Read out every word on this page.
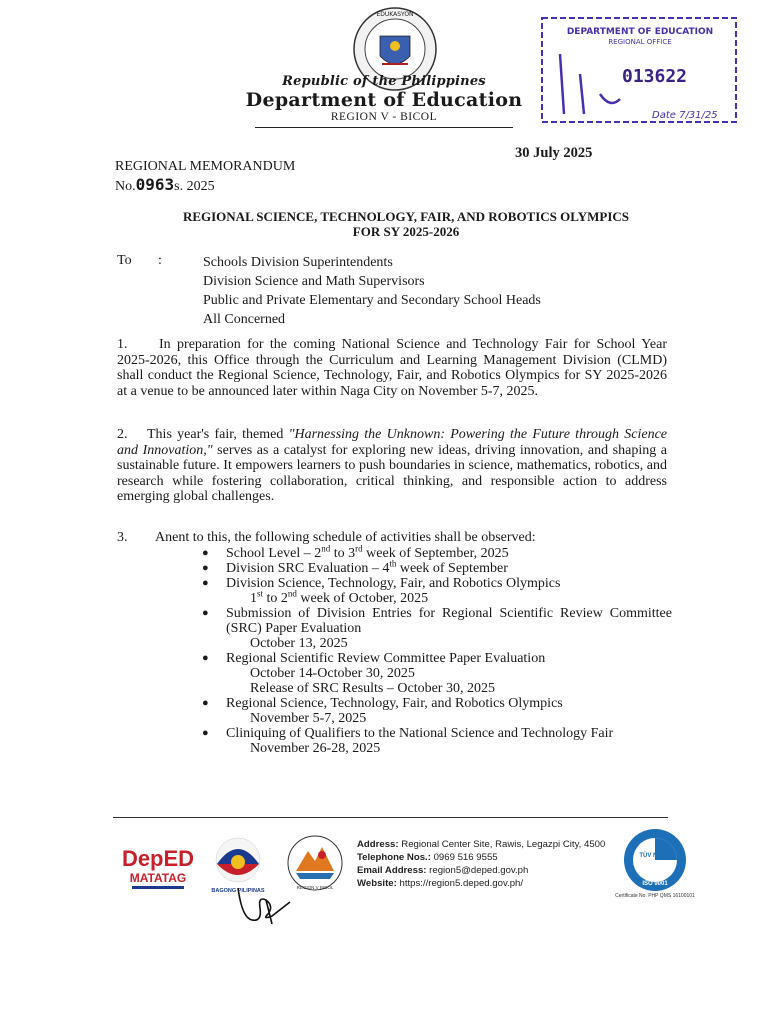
EDUKASYON
Republic of the Philippines
Department of Education
REGION V - BICOL
DEPARTMENT OF EDUCATION
REGIONAL OFFICE
013622
Date 7/31/25
30 July 2025
REGIONAL MEMORANDUM
No.0963s. 2025
REGIONAL SCIENCE, TECHNOLOGY, FAIR, AND ROBOTICS OLYMPICS
FOR SY 2025-2026
To :	Schools Division Superintendents
Division Science and Math Supervisors
Public and Private Elementary and Secondary School Heads
All Concerned
1. In preparation for the coming National Science and Technology Fair for School Year 2025-2026, this Office through the Curriculum and Learning Management Division (CLMD) shall conduct the Regional Science, Technology, Fair, and Robotics Olympics for SY 2025-2026 at a venue to be announced later within Naga City on November 5-7, 2025.
2. This year's fair, themed "Harnessing the Unknown: Powering the Future through Science and Innovation," serves as a catalyst for exploring new ideas, driving innovation, and shaping a sustainable future. It empowers learners to push boundaries in science, mathematics, robotics, and research while fostering collaboration, critical thinking, and responsible action to address emerging global challenges.
3. Anent to this, the following schedule of activities shall be observed:
● School Level – 2nd to 3rd week of September, 2025
● Division SRC Evaluation – 4th week of September
● Division Science, Technology, Fair, and Robotics Olympics
1st to 2nd week of October, 2025
● Submission of Division Entries for Regional Scientific Review Committee (SRC) Paper Evaluation
October 13, 2025
● Regional Scientific Review Committee Paper Evaluation
October 14-October 30, 2025
Release of SRC Results – October 30, 2025
● Regional Science, Technology, Fair, and Robotics Olympics
November 5-7, 2025
● Cliniquing of Qualifiers to the National Science and Technology Fair
November 26-28, 2025
DepED
MATATAG
BAGONG PILIPINAS
REGION V BICOL
Address: Regional Center Site, Rawis, Legazpi City, 4500
Telephone Nos.: 0969 516 9555
Email Address: region5@deped.gov.ph
Website: https://region5.deped.gov.ph/
TÜV NORD
ISO 9001
Certificate No. PHP QMS 16100101
